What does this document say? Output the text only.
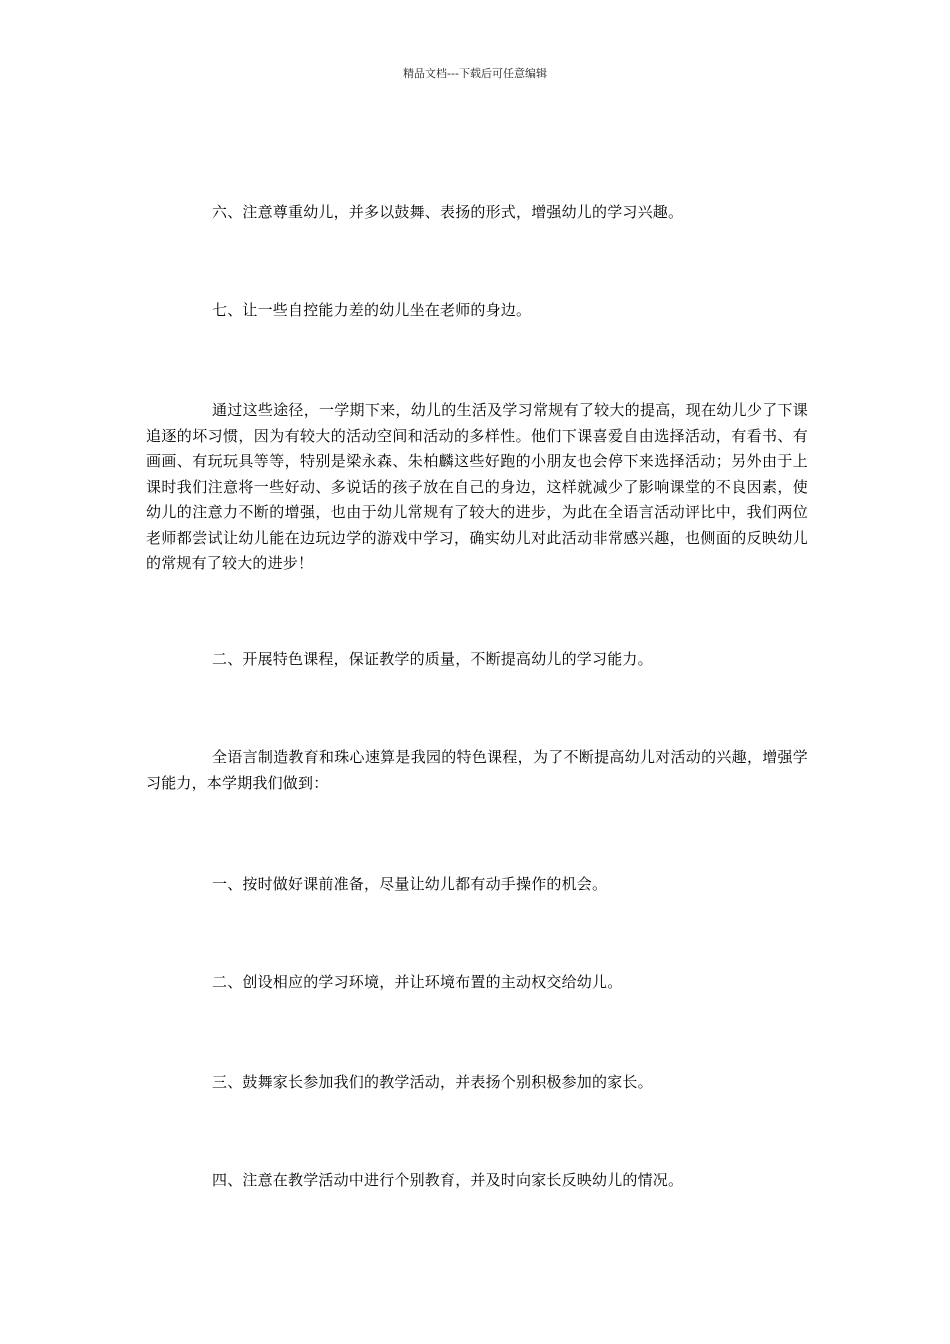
精品文档---下载后可任意编辑

六、注意尊重幼儿，并多以鼓舞、表扬的形式，增强幼儿的学习兴趣。

七、让一些自控能力差的幼儿坐在老师的身边。

通过这些途径，一学期下来，幼儿的生活及学习常规有了较大的提高，现在幼儿少了下课追逐的坏习惯，因为有较大的活动空间和活动的多样性。他们下课喜爱自由选择活动，有看书、有画画、有玩玩具等等，特别是梁永森、朱柏麟这些好跑的小朋友也会停下来选择活动；另外由于上课时我们注意将一些好动、多说话的孩子放在自己的身边，这样就减少了影响课堂的不良因素，使幼儿的注意力不断的增强，也由于幼儿常规有了较大的进步，为此在全语言活动评比中，我们两位老师都尝试让幼儿能在边玩边学的游戏中学习，确实幼儿对此活动非常感兴趣，也侧面的反映幼儿的常规有了较大的进步！

二、开展特色课程，保证教学的质量，不断提高幼儿的学习能力。

全语言制造教育和珠心速算是我园的特色课程，为了不断提高幼儿对活动的兴趣，增强学习能力，本学期我们做到：

一、按时做好课前准备，尽量让幼儿都有动手操作的机会。

二、创设相应的学习环境，并让环境布置的主动权交给幼儿。

三、鼓舞家长参加我们的教学活动，并表扬个别积极参加的家长。

四、注意在教学活动中进行个别教育，并及时向家长反映幼儿的情况。
